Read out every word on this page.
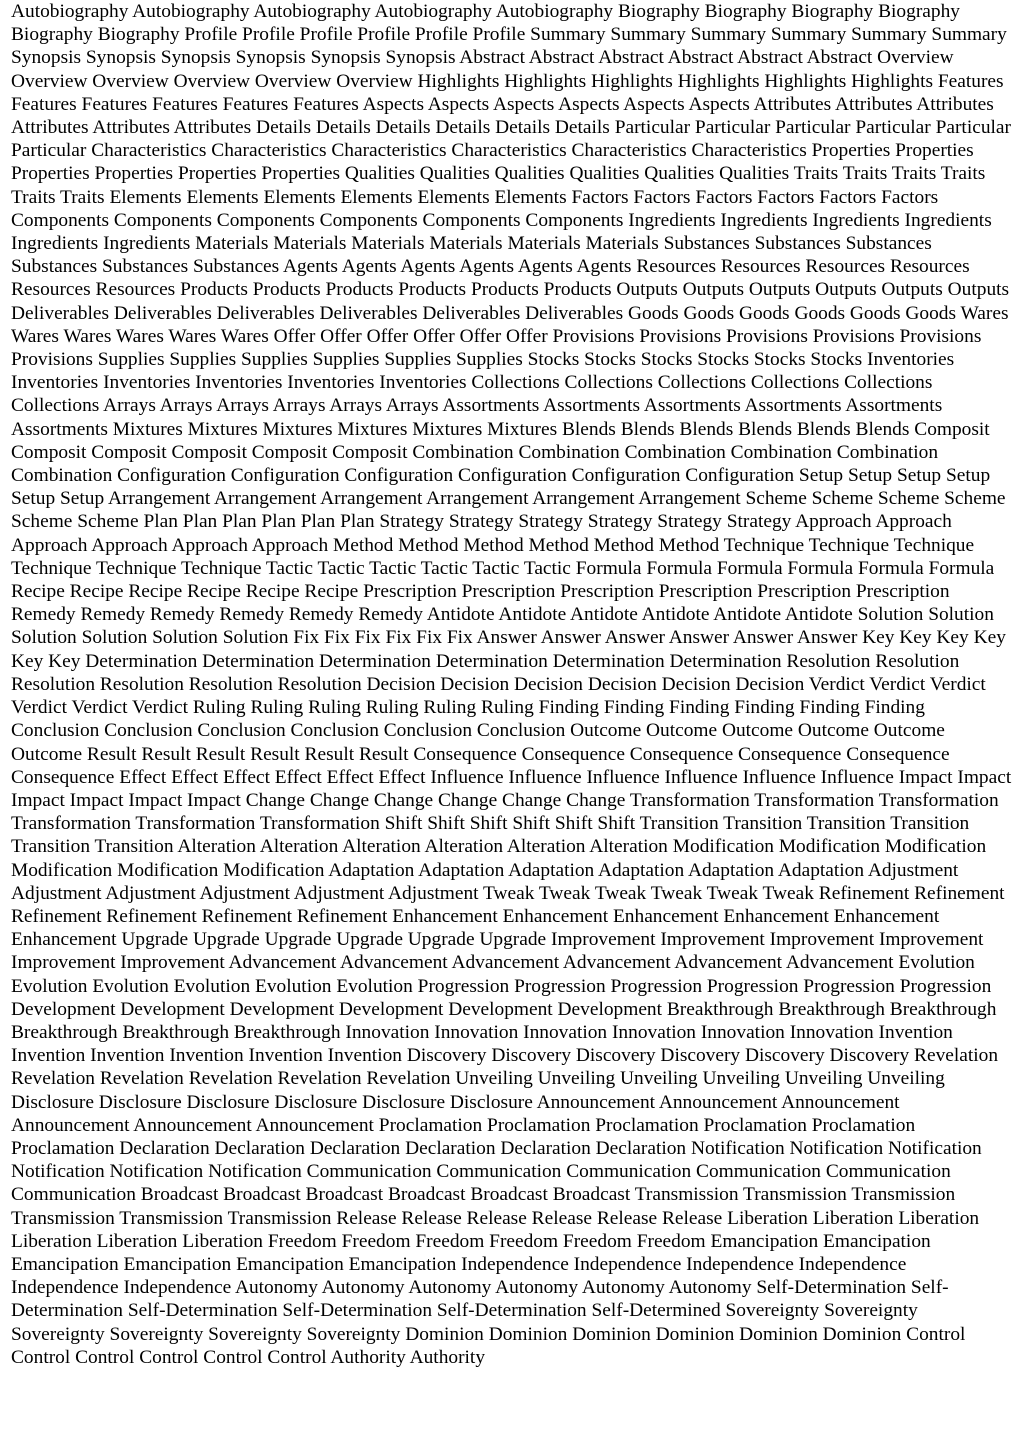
Autobiography Autobiography Autobiography Autobiography Autobiography Biography Biography Biography Biography Biography Biography Profile Profile Profile Profile Profile Profile Summary Summary Summary Summary Summary Summary Synopsis Synopsis Synopsis Synopsis Synopsis Synopsis Abstract Abstract Abstract Abstract Abstract Abstract Overview Overview Overview Overview Overview Overview Highlights Highlights Highlights Highlights Highlights Highlights Features Features Features Features Features Features Aspects Aspects Aspects Aspects Aspects Aspects Attributes Attributes Attributes Attributes Attributes Attributes Details Details Details Details Details Details Particular Particular Particular Particular Particular Particular Characteristics Characteristics Characteristics Characteristics Characteristics Characteristics Properties Properties Properties Properties Properties Properties Qualities Qualities Qualities Qualities Qualities Qualities Traits Traits Traits Traits Traits Traits Elements Elements Elements Elements Elements Elements Factors Factors Factors Factors Factors Factors Components Components Components Components Components Components Ingredients Ingredients Ingredients Ingredients Ingredients Ingredients Materials Materials Materials Materials Materials Materials Substances Substances Substances Substances Substances Substances Agents Agents Agents Agents Agents Agents Resources Resources Resources Resources Resources Resources Products Products Products Products Products Products Outputs Outputs Outputs Outputs Outputs Outputs Deliverables Deliverables Deliverables Deliverables Deliverables Deliverables Goods Goods Goods Goods Goods Goods Wares Wares Wares Wares Wares Wares Offer Offer Offer Offer Offer Offer Provisions Provisions Provisions Provisions Provisions Provisions Supplies Supplies Supplies Supplies Supplies Supplies Stocks Stocks Stocks Stocks Stocks Stocks Inventories Inventories Inventories Inventories Inventories Inventories Collections Collections Collections Collections Collections Collections Arrays Arrays Arrays Arrays Arrays Arrays Assortments Assortments Assortments Assortments Assortments Assortments Mixtures Mixtures Mixtures Mixtures Mixtures Mixtures Blends Blends Blends Blends Blends Blends Composit Composit Composit Composit Composit Composit Combination Combination Combination Combination Combination Combination Configuration Configuration Configuration Configuration Configuration Configuration Setup Setup Setup Setup Setup Setup Arrangement Arrangement Arrangement Arrangement Arrangement Arrangement Scheme Scheme Scheme Scheme Scheme Scheme Plan Plan Plan Plan Plan Plan Strategy Strategy Strategy Strategy Strategy Strategy Approach Approach Approach Approach Approach Approach Method Method Method Method Method Method Technique Technique Technique Technique Technique Technique Tactic Tactic Tactic Tactic Tactic Tactic Formula Formula Formula Formula Formula Formula Recipe Recipe Recipe Recipe Recipe Recipe Prescription Prescription Prescription Prescription Prescription Prescription Remedy Remedy Remedy Remedy Remedy Remedy Antidote Antidote Antidote Antidote Antidote Antidote Solution Solution Solution Solution Solution Solution Fix Fix Fix Fix Fix Fix Answer Answer Answer Answer Answer Answer Key Key Key Key Key Key Determination Determination Determination Determination Determination Determination Resolution Resolution Resolution Resolution Resolution Resolution Decision Decision Decision Decision Decision Decision Verdict Verdict Verdict Verdict Verdict Verdict Ruling Ruling Ruling Ruling Ruling Ruling Finding Finding Finding Finding Finding Finding Conclusion Conclusion Conclusion Conclusion Conclusion Conclusion Outcome Outcome Outcome Outcome Outcome Outcome Result Result Result Result Result Result Consequence Consequence Consequence Consequence Consequence Consequence Effect Effect Effect Effect Effect Effect Influence Influence Influence Influence Influence Influence Impact Impact Impact Impact Impact Impact Change Change Change Change Change Change Transformation Transformation Transformation Transformation Transformation Transformation Shift Shift Shift Shift Shift Shift Transition Transition Transition Transition Transition Transition Alteration Alteration Alteration Alteration Alteration Alteration Modification Modification Modification Modification Modification Modification Adaptation Adaptation Adaptation Adaptation Adaptation Adaptation Adjustment Adjustment Adjustment Adjustment Adjustment Adjustment Tweak Tweak Tweak Tweak Tweak Tweak Refinement Refinement Refinement Refinement Refinement Refinement Enhancement Enhancement Enhancement Enhancement Enhancement Enhancement Upgrade Upgrade Upgrade Upgrade Upgrade Upgrade Improvement Improvement Improvement Improvement Improvement Improvement Advancement Advancement Advancement Advancement Advancement Advancement Evolution Evolution Evolution Evolution Evolution Evolution Progression Progression Progression Progression Progression Progression Development Development Development Development Development Development Breakthrough Breakthrough Breakthrough Breakthrough Breakthrough Breakthrough Innovation Innovation Innovation Innovation Innovation Innovation Invention Invention Invention Invention Invention Invention Discovery Discovery Discovery Discovery Discovery Discovery Revelation Revelation Revelation Revelation Revelation Revelation Unveiling Unveiling Unveiling Unveiling Unveiling Unveiling Disclosure Disclosure Disclosure Disclosure Disclosure Disclosure Announcement Announcement Announcement Announcement Announcement Announcement Proclamation Proclamation Proclamation Proclamation Proclamation Proclamation Declaration Declaration Declaration Declaration Declaration Declaration Notification Notification Notification Notification Notification Notification Communication Communication Communication Communication Communication Communication Broadcast Broadcast Broadcast Broadcast Broadcast Broadcast Transmission Transmission Transmission Transmission Transmission Transmission Release Release Release Release Release Release Liberation Liberation Liberation Liberation Liberation Liberation Freedom Freedom Freedom Freedom Freedom Freedom Emancipation Emancipation Emancipation Emancipation Emancipation Emancipation Independence Independence Independence Independence Independence Independence Autonomy Autonomy Autonomy Autonomy Autonomy Autonomy Self-Determination Self-Determination Self-Determination Self-Determination Self-Determination Self-Determined Sovereignty Sovereignty Sovereignty Sovereignty Sovereignty Sovereignty Dominion Dominion Dominion Dominion Dominion Dominion Control Control Control Control Control Control Authority Authority
